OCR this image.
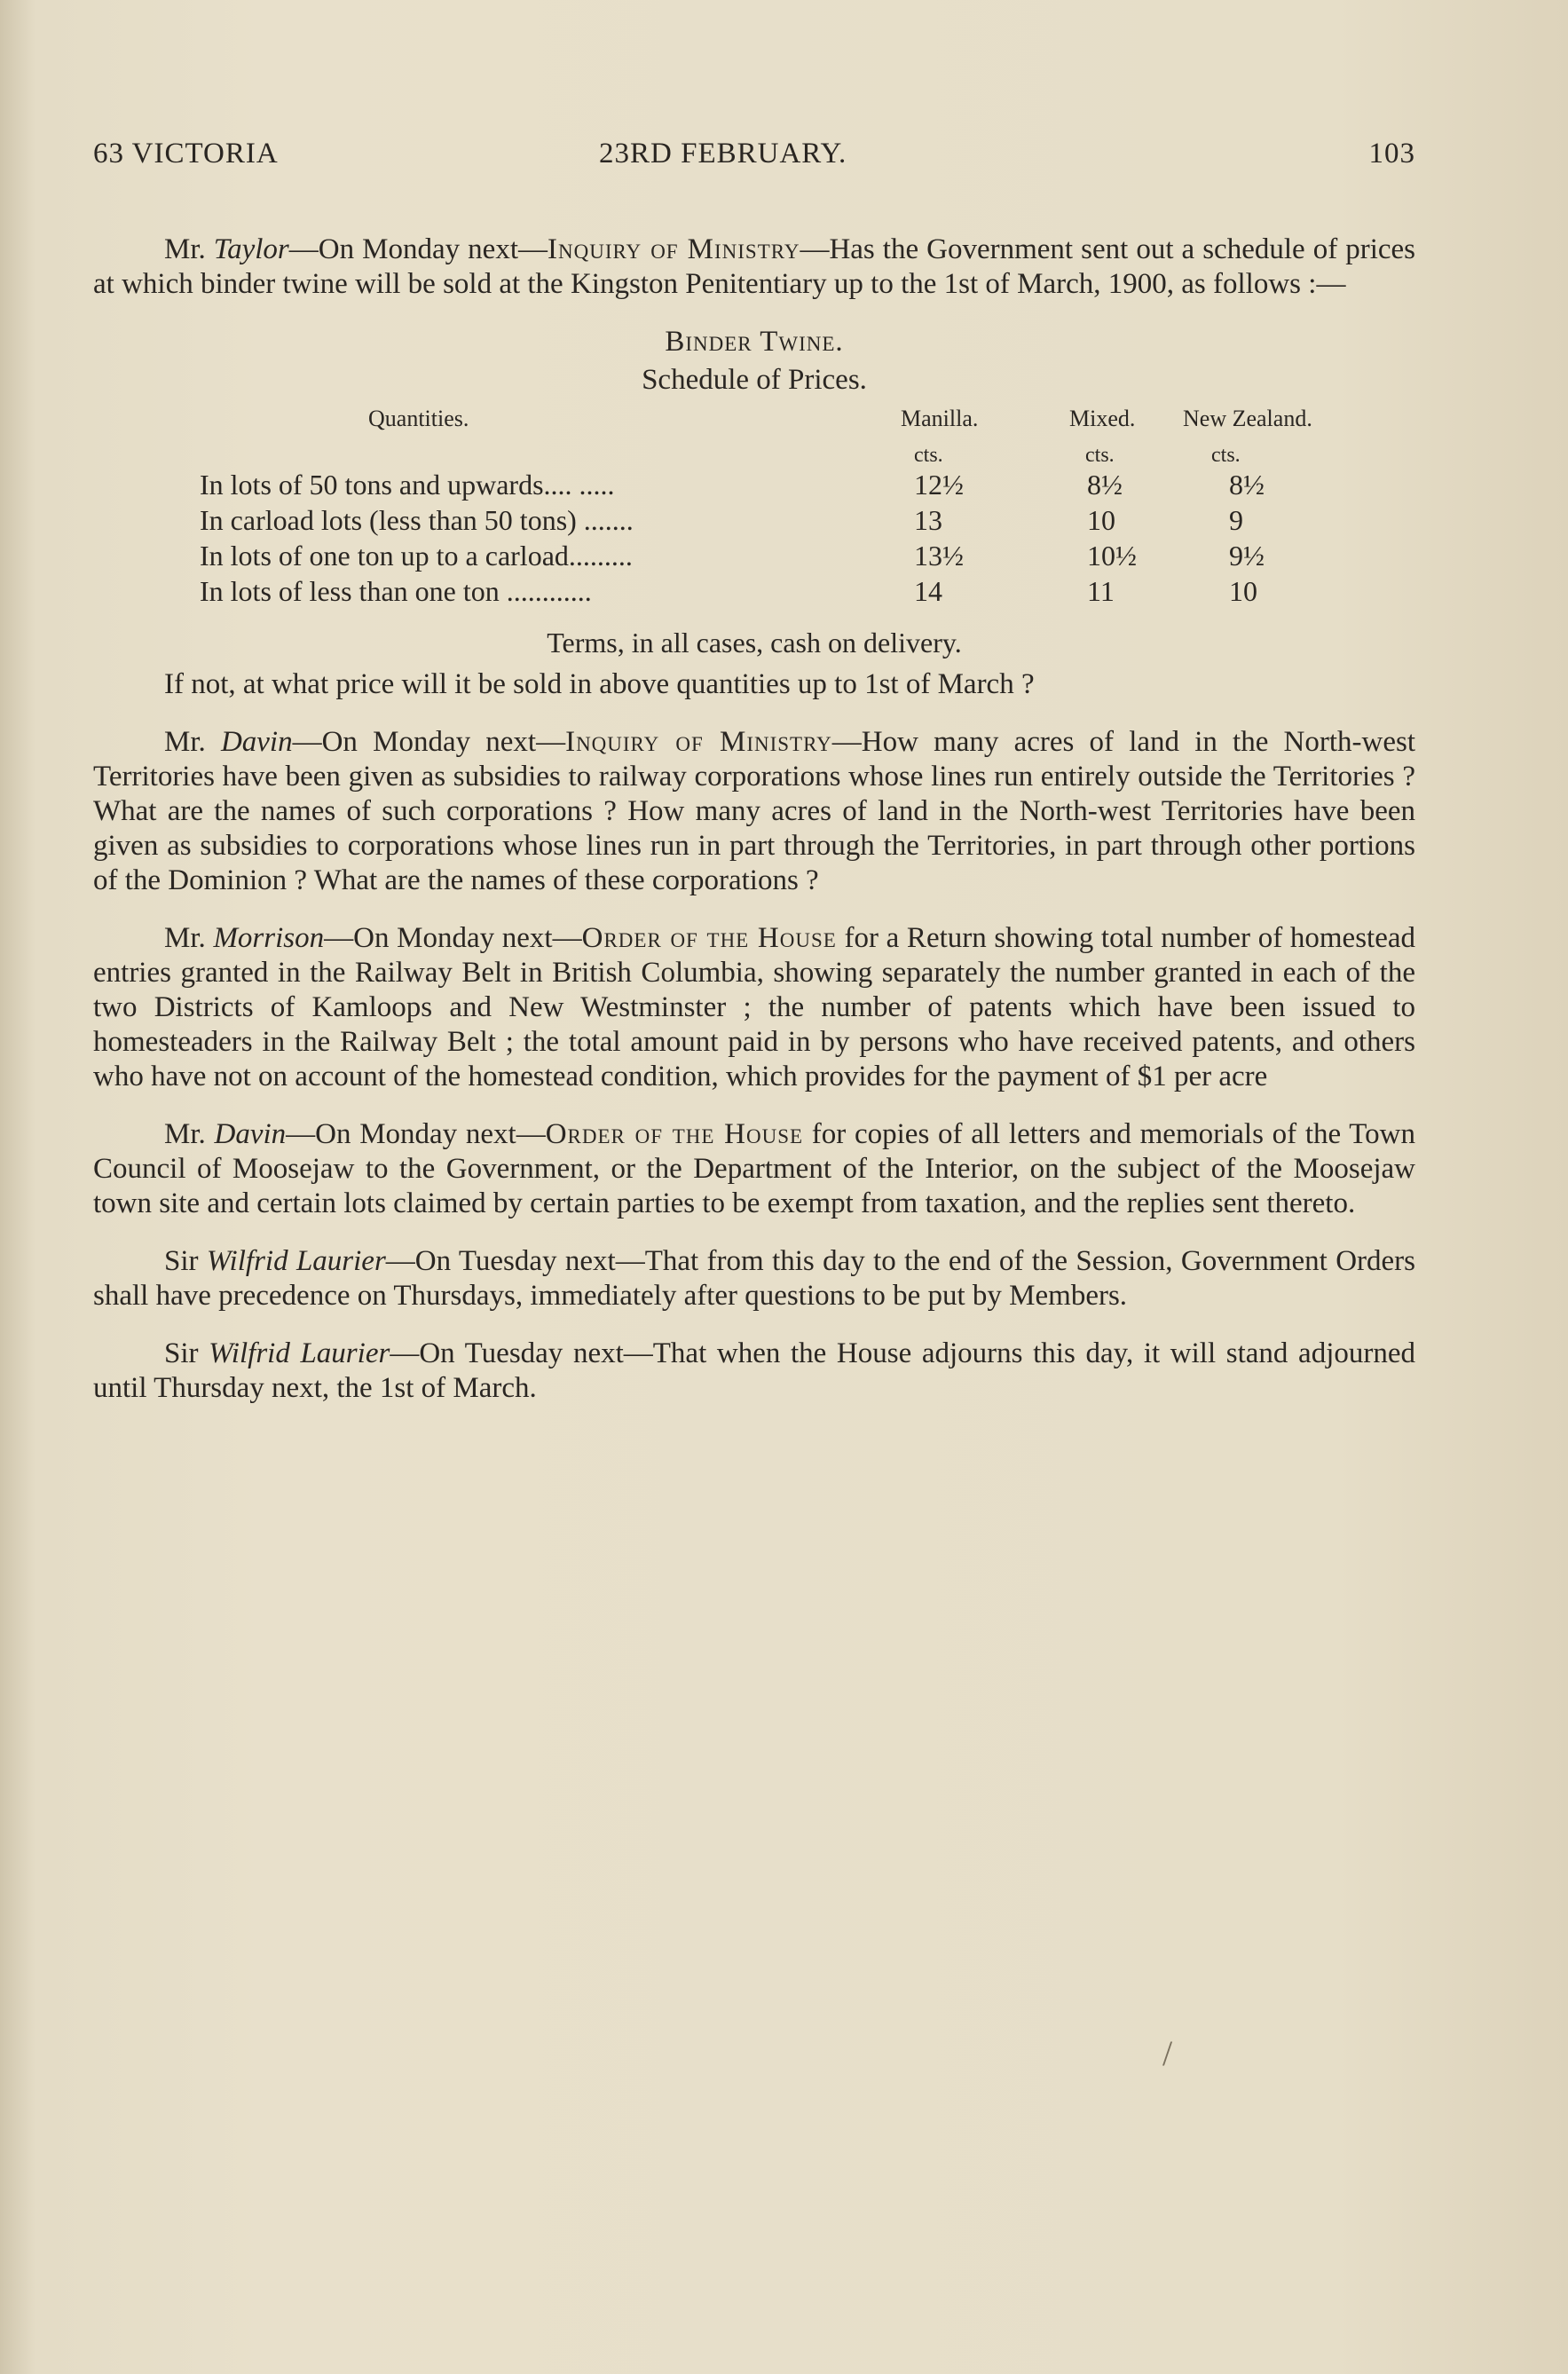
63 VICTORIA	23RD FEBRUARY.	103

Mr. Taylor—On Monday next—Inquiry of Ministry—Has the Government sent out a schedule of prices at which binder twine will be sold at the Kingston Penitentiary up to the 1st of March, 1900, as follows :—

Binder Twine.
Schedule of Prices.
Quantities.	Manilla.	Mixed. New Zealand.
cts.	cts.	cts.
In lots of 50 tons and upwards.... .....	12½	8½	8½
In carload lots (less than 50 tons) .......	13	10	9
In lots of one ton up to a carload.........	13½	10½	9½
In lots of less than one ton ............	14	11	10
Terms, in all cases, cash on delivery.

If not, at what price will it be sold in above quantities up to 1st of March ?

Mr. Davin—On Monday next—Inquiry of Ministry—How many acres of land in the North-west Territories have been given as subsidies to railway corporations whose lines run entirely outside the Territories ? What are the names of such corporations ? How many acres of land in the North-west Territories have been given as subsidies to corporations whose lines run in part through the Territories, in part through other portions of the Dominion ? What are the names of these corporations ?

Mr. Morrison—On Monday next—Order of the House for a Return showing total number of homestead entries granted in the Railway Belt in British Columbia, showing separately the number granted in each of the two Districts of Kamloops and New Westminster ; the number of patents which have been issued to homesteaders in the Railway Belt ; the total amount paid in by persons who have received patents, and others who have not on account of the homestead condition, which provides for the payment of $1 per acre

Mr. Davin—On Monday next—Order of the House for copies of all letters and memorials of the Town Council of Moosejaw to the Government, or the Department of the Interior, on the subject of the Moosejaw town site and certain lots claimed by certain parties to be exempt from taxation, and the replies sent thereto.

Sir Wilfrid Laurier—On Tuesday next—That from this day to the end of the Session, Government Orders shall have precedence on Thursdays, immediately after questions to be put by Members.

Sir Wilfrid Laurier—On Tuesday next—That when the House adjourns this day, it will stand adjourned until Thursday next, the 1st of March.

/
